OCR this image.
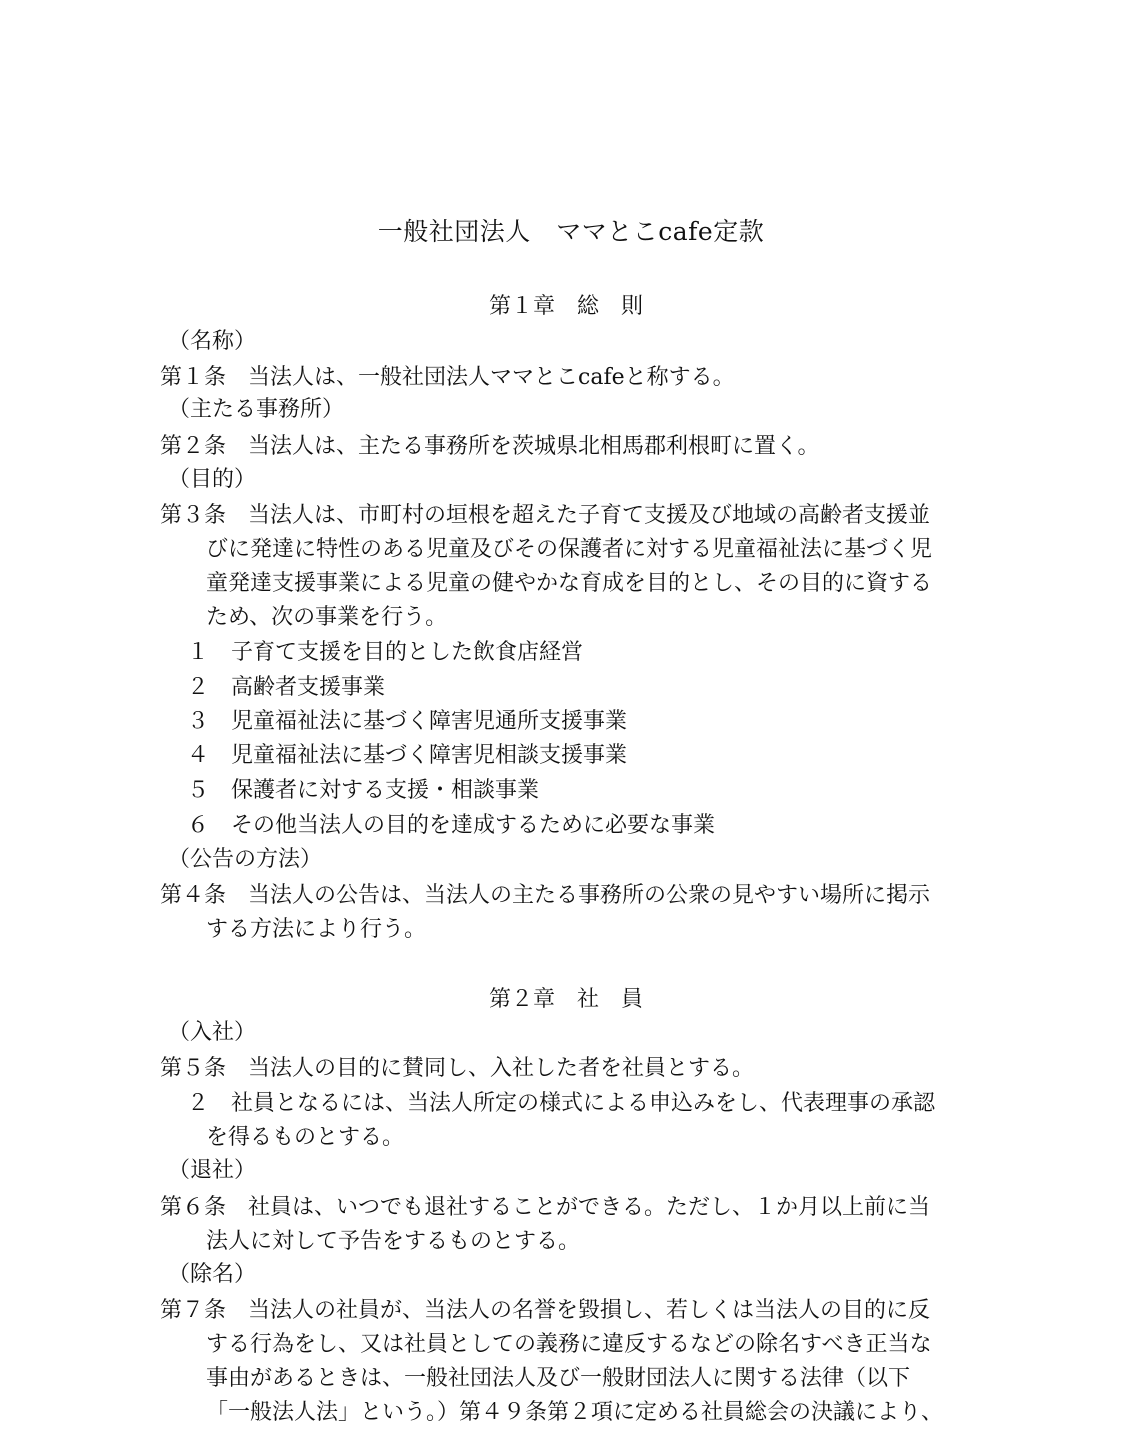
一般社団法人　ママとこcafe定款
第１章　総　則
（名称）
第１条　当法人は、一般社団法人ママとこcafeと称する。
（主たる事務所）
第２条　当法人は、主たる事務所を茨城県北相馬郡利根町に置く。
（目的）
第３条　当法人は、市町村の垣根を超えた子育て支援及び地域の高齢者支援並
びに発達に特性のある児童及びその保護者に対する児童福祉法に基づく児
童発達支援事業による児童の健やかな育成を目的とし、その目的に資する
ため、次の事業を行う。
１　子育て支援を目的とした飲食店経営
２　高齢者支援事業
３　児童福祉法に基づく障害児通所支援事業
４　児童福祉法に基づく障害児相談支援事業
５　保護者に対する支援・相談事業
６　その他当法人の目的を達成するために必要な事業
（公告の方法）
第４条　当法人の公告は、当法人の主たる事務所の公衆の見やすい場所に掲示
する方法により行う。
第２章　社　員
（入社）
第５条　当法人の目的に賛同し、入社した者を社員とする。
２　社員となるには、当法人所定の様式による申込みをし、代表理事の承認
を得るものとする。
（退社）
第６条　社員は、いつでも退社することができる。ただし、１か月以上前に当
法人に対して予告をするものとする。
（除名）
第７条　当法人の社員が、当法人の名誉を毀損し、若しくは当法人の目的に反
する行為をし、又は社員としての義務に違反するなどの除名すべき正当な
事由があるときは、一般社団法人及び一般財団法人に関する法律（以下
「一般法人法」という。）第４９条第２項に定める社員総会の決議により、
